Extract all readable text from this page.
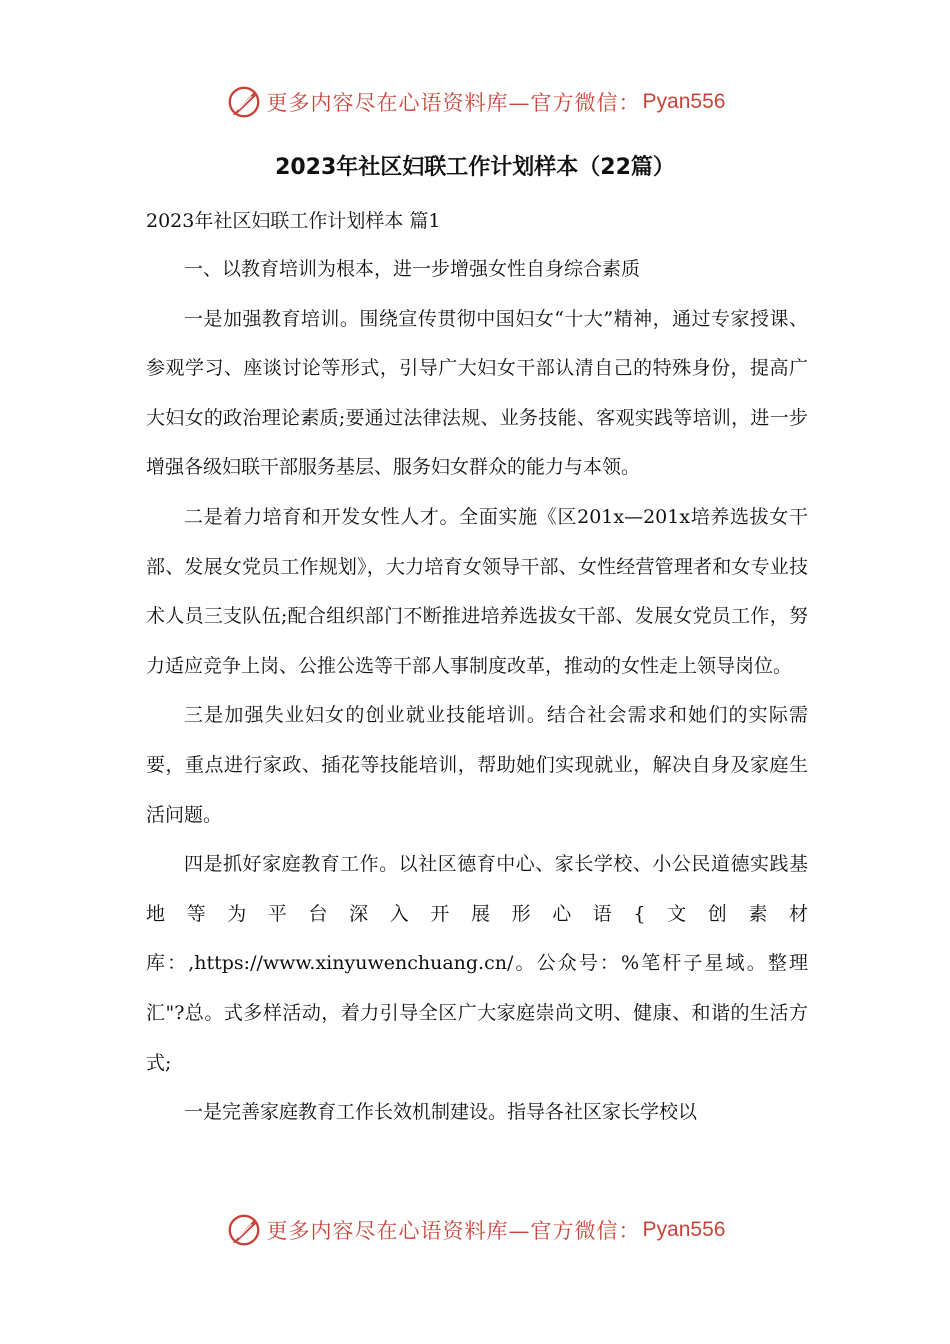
更多内容尽在心语资料库—官方微信： Pyan556
2023年社区妇联工作计划样本（22篇）
2023年社区妇联工作计划样本 篇1

一、以教育培训为根本，进一步增强女性自身综合素质

一是加强教育培训。围绕宣传贯彻中国妇女“十大”精神，通过专家授课、参观学习、座谈讨论等形式，引导广大妇女干部认清自己的特殊身份，提高广大妇女的政治理论素质;要通过法律法规、业务技能、客观实践等培训，进一步增强各级妇联干部服务基层、服务妇女群众的能力与本领。

二是着力培育和开发女性人才。全面实施《区201x—201x培养选拔女干部、发展女党员工作规划》，大力培育女领导干部、女性经营管理者和女专业技术人员三支队伍;配合组织部门不断推进培养选拔女干部、发展女党员工作，努力适应竞争上岗、公推公选等干部人事制度改革，推动的女性走上领导岗位。

三是加强失业妇女的创业就业技能培训。结合社会需求和她们的实际需要，重点进行家政、插花等技能培训，帮助她们实现就业，解决自身及家庭生活问题。

四是抓好家庭教育工作。以社区德育中心、家长学校、小公民道德实践基地等为平台深入开展形心语{文创素材库：,https://www.xinyuwenchuang.cn/。公众号：%笔杆子星域。整理汇"?总。式多样活动，着力引导全区广大家庭崇尚文明、健康、和谐的生活方式;

一是完善家庭教育工作长效机制建设。指导各社区家长学校以

更多内容尽在心语资料库—官方微信： Pyan556
